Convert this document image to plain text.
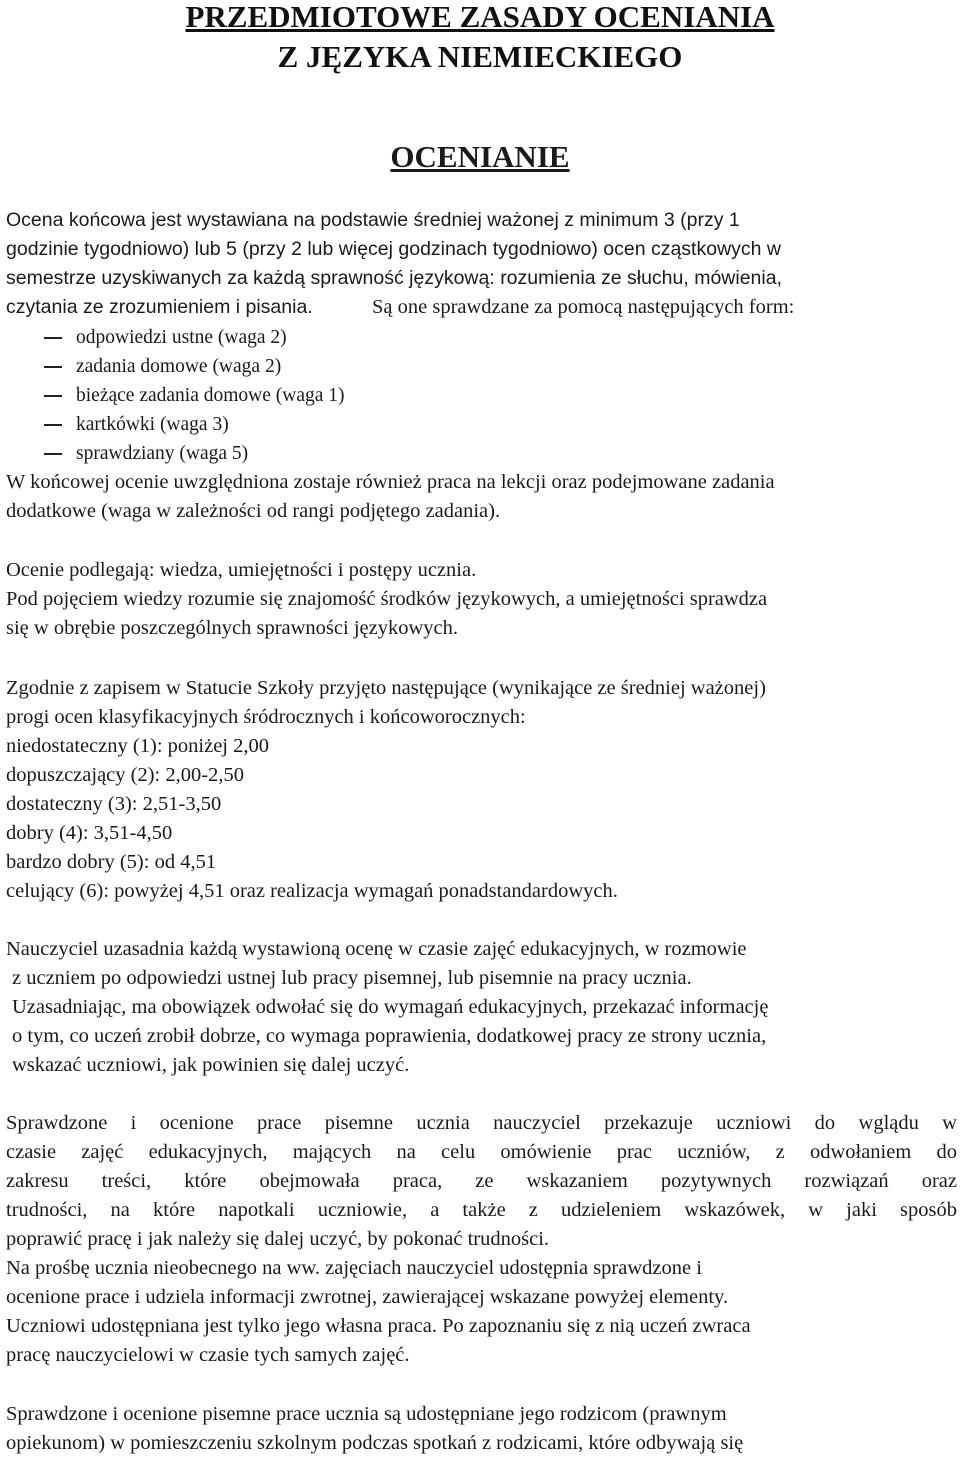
PRZEDMIOTOWE ZASADY OCENIANIA
Z JĘZYKA NIEMIECKIEGO
OCENIANIE
Ocena końcowa jest wystawiana na podstawie średniej ważonej z minimum 3 (przy 1
godzinie tygodniowo) lub 5 (przy 2 lub więcej godzinach tygodniowo) ocen cząstkowych w
semestrze uzyskiwanych za każdą sprawność językową: rozumienia ze słuchu, mówienia,
czytania ze zrozumieniem i pisania.	Są one sprawdzane za pomocą następujących form:
odpowiedzi ustne (waga 2)
zadania domowe (waga 2)
bieżące zadania domowe (waga 1)
kartkówki (waga 3)
sprawdziany (waga 5)
W końcowej ocenie uwzględniona zostaje również praca na lekcji oraz podejmowane zadania
dodatkowe (waga w zależności od rangi podjętego zadania).
Ocenie podlegają: wiedza, umiejętności i postępy ucznia.
Pod pojęciem wiedzy rozumie się znajomość środków językowych, a umiejętności sprawdza
się w obrębie poszczególnych sprawności językowych.
Zgodnie z zapisem w Statucie Szkoły przyjęto następujące (wynikające ze średniej ważonej)
progi ocen klasyfikacyjnych śródrocznych i końcoworocznych:
niedostateczny (1): poniżej 2,00
dopuszczający (2): 2,00-2,50
dostateczny (3): 2,51-3,50
dobry (4): 3,51-4,50
bardzo dobry (5): od 4,51
celujący (6): powyżej 4,51 oraz realizacja wymagań ponadstandardowych.
Nauczyciel uzasadnia każdą wystawioną ocenę w czasie zajęć edukacyjnych, w rozmowie
z uczniem po odpowiedzi ustnej lub pracy pisemnej, lub pisemnie na pracy ucznia.
Uzasadniając, ma obowiązek odwołać się do wymagań edukacyjnych, przekazać informację
o tym, co uczeń zrobił dobrze, co wymaga poprawienia, dodatkowej pracy ze strony ucznia,
wskazać uczniowi, jak powinien się dalej uczyć.
Sprawdzone i ocenione prace pisemne ucznia nauczyciel przekazuje uczniowi do wglądu w
czasie zajęć edukacyjnych, mających na celu omówienie prac uczniów, z odwołaniem do
zakresu treści, które obejmowała praca, ze wskazaniem pozytywnych rozwiązań oraz
trudności, na które napotkali uczniowie, a także z udzieleniem wskazówek, w jaki sposób
poprawić pracę i jak należy się dalej uczyć, by pokonać trudności.
Na prośbę ucznia nieobecnego na ww. zajęciach nauczyciel udostępnia sprawdzone i
ocenione prace i udziela informacji zwrotnej, zawierającej wskazane powyżej elementy.
Uczniowi udostępniana jest tylko jego własna praca. Po zapoznaniu się z nią uczeń zwraca
pracę nauczycielowi w czasie tych samych zajęć.
Sprawdzone i ocenione pisemne prace ucznia są udostępniane jego rodzicom (prawnym
opiekunom) w pomieszczeniu szkolnym podczas spotkań z rodzicami, które odbywają się
